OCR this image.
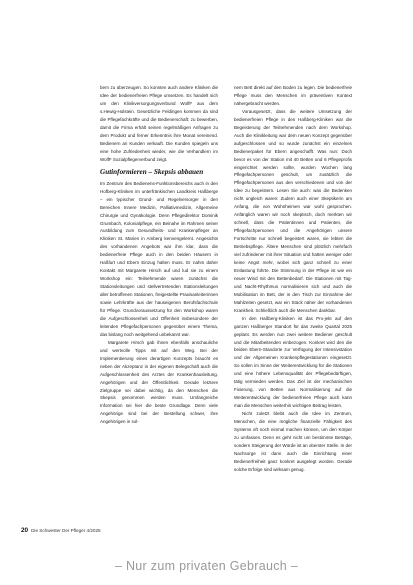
bern zu überzeugen. So konnten auch andere Kliniken die Idee der bedienerfreien Pflege umsetzen. Es handelt sich um den Klinikversorgungsverbund WolfF aus dem s.Hewig-Holstein. Gesetzliche Feldingen kommen da sind die Pflegefachkräfte und die Bedienerschaft: zu bewerben, damit die Firma erhält seinen regelmäßigen Anfragen zu dem Produkt und ferner Erkenntnis ihre Monat vereinend. Bedienern an Kunden verkauft. Die Kunden spiegeln uns eine hohe Zufriedenheit wieder, wie die Verhandlern im WolfF Sozialpflegerverbund zeigt.

Gutinformieren – Skepsis abbauen

Im Zentrum des Bedienens-Funktionsbereichs auch in den Hofberg-Kliniken im unterfränkischen Landkreis Haßberge – ein typischer Grund- und Regelversorger in den Bereichen Innere Medizin, Palliativmedizin, Allgemeine Chirurgie und Gynäkologie. Denn Pflegedirektor Dominik Grumbach, Kolonialpflege, ein Beinahe im Rahmen seiner Ausbildung zum Gesundheits- und Krankenpfleger an Kliniken St. Marien in Amberg kennengelernt. Angesichts des vorhandenen Angebots war ihm klar, dass die bedienerfreie Pflege auch in den beiden Häusern in Haßfurt und Ebern Einzug halten muss. Er nahm daher Kontakt mit Margarete Hirsch auf und lud sie zu einem Workshop ein: Teilnehmende waren zunächst die Stationsleitungen und stellvertretenden Stationsleitungen aller betroffenen Stationen, freigestellte Praxisanleiterinnen sowie Lehrkräfte aus der hauseigenen Berufsfachschule für Pflege. Grundvoraussetzung für den Workshop waren die Aufgeschlossenheit und Offenheit insbesondere der leitenden Pflegefachpersonen gegenüber einem Thema, das bislang noch weitgehend unbekannt war.

Margarete Hirsch gab ihnen ebenfalls anschauliche und wertvolle Tipps mit auf den Weg. Bei der Implementierung eines derartigen Konzepts braucht es neben der Akzeptanz in der eigenen Belegschaft auch die Aufgeschlossenheit des Arztes der Krankenhausleitung. Angehörigen und der Öffentlichkeit. Gerade letztere Zielgruppe sei dabei wichtig, da den Menschen die Skepsis genommen werden muss. Umfangreiche Information sei hier die beste Grundlage. Denn viele Angehörige sind bei der Bestellung schwer, ihre Angehörigen in sol-

nem Bett direkt auf den Boden zu legen. Die bedienerfreie Pflege muss den Menschen im präventiven Kontext nähergebracht werden.

Vorausgesetzt, dass die weitere Umsetzung der bedienerfreien Pflege in den Haßberg-Kliniken war die Begeisterung der Teilnehmenden nach dem Workshop. Auch die Klinikleitung war dem neuen Konzept gegenüber aufgeschlossen und so wurde zunächst ein einzelnes Bedienerpaket für Ebern angeschafft. Was nun: Doch bevor es von der Station mit 40 Betten und 6 Pflegeprofis eingerichtet werden sollte, wurden Wochen lang Pflegefachpersonen geschult, um zusätzlich die Pflegefachpersonen aus den verschiedenen und von der Idee zu begeistern. Lesen Sie auch: was die Bedenken nicht ungleich waren: Zudem auch einer Skeptikerin am Anfang, die von Wohnheimen war wohl gesprochen. Anfänglich waren wir noch skeptisch, doch merkten wir schnell, dass die Patientinnen und Patienten, die Pflegefachpersonen und die Angehörigen unsere Fortschritte nur schnell begeistert waren, sie lebten die Betriebspflege. Ältere Menschen sind plötzlich mehrfach viel zufriedener mit ihrer Situation und hatten weniger oder keine Angst mehr, wobei sich ganz schnell zu einer Entlastung führte. Die Stimmung in der Pflege ist wie ein neuer Wind mit den Bettenbedarf. Die Stationen mit Tag- und Nacht-Rhythmus normalisieren sich und auch die Mobilisation im Bett, der in den Tisch zur Einnahme der Mahlzeiten gesetzt, war ein Stück näher der vorhandenen Krankheit. Schließlich auch die Menschen dankbar.

In den Haßberg-Kliniken ist das Pro-jekt auf den ganzen Haßberger Standort für das zweite Quartal 2025 geplant. Es werden nun zwei weitere Bediener geschult und die Mitarbeitenden einbezogen. Konkret wird den die beiden Ebern-Standorte zur Verfügung der Intensivstation und der Allgemeinen Krankenpflegestationen eingesetzt. So sollen im Sinne der Weiterentwicklung für die Stationen und eine höhere Lebensqualität der Pflegebedürftigen, tätig vermieden werden. Das Ziel ist der mechanischen Fixierung, von Betten aus Normalisierung auf die Weiterentwicklung der bedienerfreien Pflege auch kann man die Menschen weiterhin wichtigen Beitrag leisten.

Nicht zuletzt bleibt auch die Idee im Zentrum, Menschen, die eine mögliche finanzielle Fähigkeit des Systems oft noch einmal machen können, um den Körper zu umfassen. Denn es geht nicht um bestimmte Beträge, sondern Steigerung der Würde ist an oberster Stelle. In der Nachsorge ist dann auch die Einrichtung einer Bedienerfreiheit ganz konkret ausgelegt worden. Gerade solche Erfolge sind wirksam genug.

20 Die Schwester Der Pfleger 4/2025
– Nur zum privaten Gebrauch –
